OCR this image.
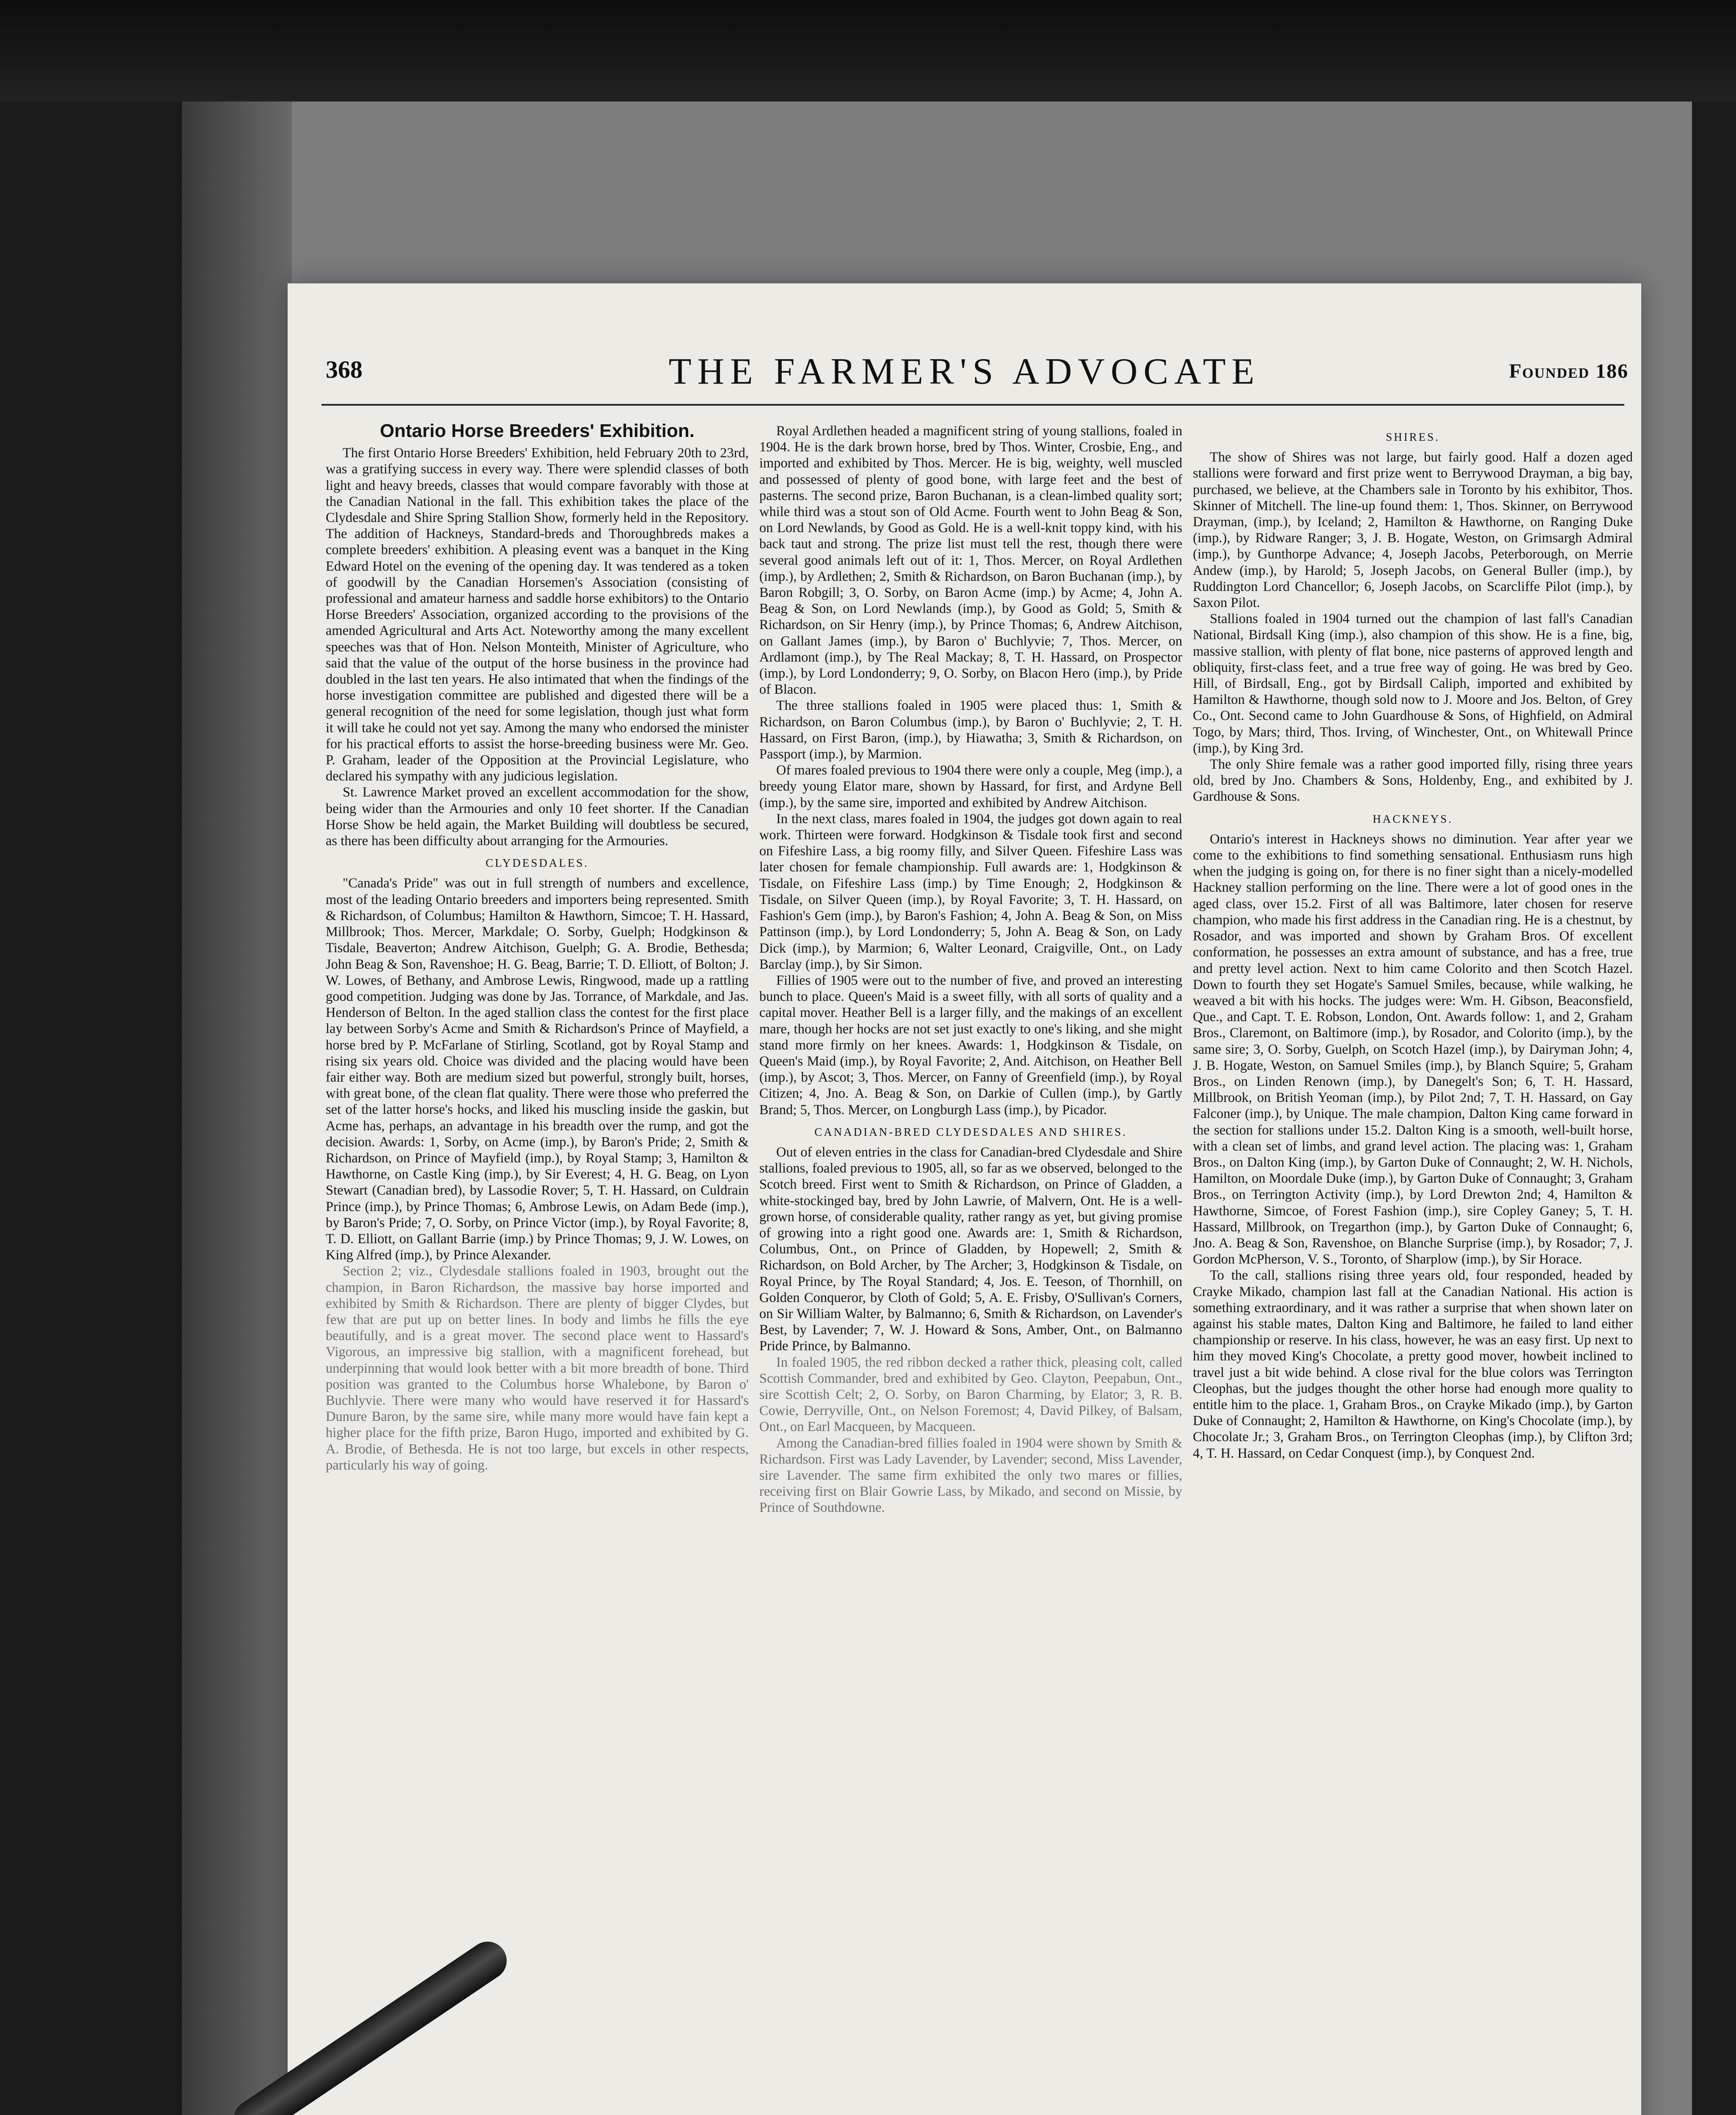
368	THE FARMER'S ADVOCATE	Founded 186
Ontario Horse Breeders' Exhibition.

The first Ontario Horse Breeders' Exhibition, held February 20th to 23rd, was a gratifying success in every way. There were splendid classes of both light and heavy breeds, classes that would compare favorably with those at the Canadian National in the fall. This exhibition takes the place of the Clydesdale and Shire Spring Stallion Show, formerly held in the Repository. The addition of Hackneys, Standard-breds and Thoroughbreds makes a complete breeders' exhibition. A pleasing event was a banquet in the King Edward Hotel on the evening of the opening day. It was tendered as a token of goodwill by the Canadian Horsemen's Association (consisting of professional and amateur harness and saddle horse exhibitors) to the Ontario Horse Breeders' Association, organized according to the provisions of the amended Agricultural and Arts Act. Noteworthy among the many excellent speeches was that of Hon. Nelson Monteith, Minister of Agriculture, who said that the value of the output of the horse business in the province had doubled in the last ten years. He also intimated that when the findings of the horse investigation committee are published and digested there will be a general recognition of the need for some legislation, though just what form it will take he could not yet say. Among the many who endorsed the minister for his practical efforts to assist the horse-breeding business were Mr. Geo. P. Graham, leader of the Opposition at the Provincial Legislature, who declared his sympathy with any judicious legislation.

St. Lawrence Market proved an excellent accommodation for the show, being wider than the Armouries and only 10 feet shorter. If the Canadian Horse Show be held again, the Market Building will doubtless be secured, as there has been difficulty about arranging for the Armouries.

CLYDESDALES.

"Canada's Pride" was out in full strength of numbers and excellence, most of the leading Ontario breeders and importers being represented. Smith & Richardson, of Columbus; Hamilton & Hawthorn, Simcoe; T. H. Hassard, Millbrook; Thos. Mercer, Markdale; O. Sorby, Guelph; Hodgkinson & Tisdale, Beaverton; Andrew Aitchison, Guelph; G. A. Brodie, Bethesda; John Beag & Son, Ravenshoe; H. G. Beag, Barrie; T. D. Elliott, of Bolton; J. W. Lowes, of Bethany, and Ambrose Lewis, Ringwood, made up a rattling good competition. Judging was done by Jas. Torrance, of Markdale, and Jas. Henderson of Belton. In the aged stallion class the contest for the first place lay between Sorby's Acme and Smith & Richardson's Prince of Mayfield, a horse bred by P. McFarlane of Stirling, Scotland, got by Royal Stamp and rising six years old. Choice was divided and the placing would have been fair either way. Both are medium sized but powerful, strongly built, horses, with great bone, of the clean flat quality. There were those who preferred the set of the latter horse's hocks, and liked his muscling inside the gaskin, but Acme has, perhaps, an advantage in his breadth over the rump, and got the decision. Awards: 1, Sorby, on Acme (imp.), by Baron's Pride; 2, Smith & Richardson, on Prince of Mayfield (imp.), by Royal Stamp; 3, Hamilton & Hawthorne, on Castle King (imp.), by Sir Everest; 4, H. G. Beag, on Lyon Stewart (Canadian bred), by Lassodie Rover; 5, T. H. Hassard, on Culdrain Prince (imp.), by Prince Thomas; 6, Ambrose Lewis, on Adam Bede (imp.), by Baron's Pride; 7, O. Sorby, on Prince Victor (imp.), by Royal Favorite; 8, T. D. Elliott, on Gallant Barrie (imp.) by Prince Thomas; 9, J. W. Lowes, on King Alfred (imp.), by Prince Alexander.

Section 2; viz., Clydesdale stallions foaled in 1903, brought out the champion, in Baron Richardson, the massive bay horse imported and exhibited by Smith & Richardson. There are plenty of bigger Clydes, but few that are put up on better lines. In body and limbs he fills the eye beautifully, and is a great mover. The second place went to Hassard's Vigorous, an impressive big stallion, with a magnificent forehead, but underpinning that would look better with a bit more breadth of bone. Third position was granted to the Columbus horse Whalebone, by Baron o' Buchlyvie. There were many who would have reserved it for Hassard's Dunure Baron, by the same sire, while many more would have fain kept a higher place for the fifth prize, Baron Hugo, imported and exhibited by G. A. Brodie, of Bethesda. He is not too large, but excels in other respects, particularly his way of going.

Royal Ardlethen headed a magnificent string of young stallions, foaled in 1904. He is the dark brown horse, bred by Thos. Winter, Crosbie, Eng., and imported and exhibited by Thos. Mercer. He is big, weighty, well muscled and possessed of plenty of good bone, with large feet and the best of pasterns. The second prize, Baron Buchanan, is a clean-limbed quality sort; while third was a stout son of Old Acme. Fourth went to John Beag & Son, on Lord Newlands, by Good as Gold. He is a well-knit toppy kind, with his back taut and strong. The prize list must tell the rest, though there were several good animals left out of it: 1, Thos. Mercer, on Royal Ardlethen (imp.), by Ardlethen; 2, Smith & Richardson, on Baron Buchanan (imp.), by Baron Robgill; 3, O. Sorby, on Baron Acme (imp.) by Acme; 4, John A. Beag & Son, on Lord Newlands (imp.), by Good as Gold; 5, Smith & Richardson, on Sir Henry (imp.), by Prince Thomas; 6, Andrew Aitchison, on Gallant James (imp.), by Baron o' Buchlyvie; 7, Thos. Mercer, on Ardlamont (imp.), by The Real Mackay; 8, T. H. Hassard, on Prospector (imp.), by Lord Londonderry; 9, O. Sorby, on Blacon Hero (imp.), by Pride of Blacon.

The three stallions foaled in 1905 were placed thus: 1, Smith & Richardson, on Baron Columbus (imp.), by Baron o' Buchlyvie; 2, T. H. Hassard, on First Baron, (imp.), by Hiawatha; 3, Smith & Richardson, on Passport (imp.), by Marmion.

Of mares foaled previous to 1904 there were only a couple, Meg (imp.), a breedy young Elator mare, shown by Hassard, for first, and Ardyne Bell (imp.), by the same sire, imported and exhibited by Andrew Aitchison.

In the next class, mares foaled in 1904, the judges got down again to real work. Thirteen were forward. Hodgkinson & Tisdale took first and second on Fifeshire Lass, a big roomy filly, and Silver Queen. Fifeshire Lass was later chosen for female championship. Full awards are: 1, Hodgkinson & Tisdale, on Fifeshire Lass (imp.) by Time Enough; 2, Hodgkinson & Tisdale, on Silver Queen (imp.), by Royal Favorite; 3, T. H. Hassard, on Fashion's Gem (imp.), by Baron's Fashion; 4, John A. Beag & Son, on Miss Pattinson (imp.), by Lord Londonderry; 5, John A. Beag & Son, on Lady Dick (imp.), by Marmion; 6, Walter Leonard, Craigville, Ont., on Lady Barclay (imp.), by Sir Simon.

Fillies of 1905 were out to the number of five, and proved an interesting bunch to place. Queen's Maid is a sweet filly, with all sorts of quality and a capital mover. Heather Bell is a larger filly, and the makings of an excellent mare, though her hocks are not set just exactly to one's liking, and she might stand more firmly on her knees. Awards: 1, Hodgkinson & Tisdale, on Queen's Maid (imp.), by Royal Favorite; 2, And. Aitchison, on Heather Bell (imp.), by Ascot; 3, Thos. Mercer, on Fanny of Greenfield (imp.), by Royal Citizen; 4, Jno. A. Beag & Son, on Darkie of Cullen (imp.), by Gartly Brand; 5, Thos. Mercer, on Longburgh Lass (imp.), by Picador.

CANADIAN-BRED CLYDESDALES AND SHIRES.

Out of eleven entries in the class for Canadian-bred Clydesdale and Shire stallions, foaled previous to 1905, all, so far as we observed, belonged to the Scotch breed. First went to Smith & Richardson, on Prince of Gladden, a white-stockinged bay, bred by John Lawrie, of Malvern, Ont. He is a well-grown horse, of considerable quality, rather rangy as yet, but giving promise of growing into a right good one. Awards are: 1, Smith & Richardson, Columbus, Ont., on Prince of Gladden, by Hopewell; 2, Smith & Richardson, on Bold Archer, by The Archer; 3, Hodgkinson & Tisdale, on Royal Prince, by The Royal Standard; 4, Jos. E. Teeson, of Thornhill, on Golden Conqueror, by Cloth of Gold; 5, A. E. Frisby, O'Sullivan's Corners, on Sir William Walter, by Balmanno; 6, Smith & Richardson, on Lavender's Best, by Lavender; 7, W. J. Howard & Sons, Amber, Ont., on Balmanno Pride Prince, by Balmanno.

In foaled 1905, the red ribbon decked a rather thick, pleasing colt, called Scottish Commander, bred and exhibited by Geo. Clayton, Peepabun, Ont., sire Scottish Celt; 2, O. Sorby, on Baron Charming, by Elator; 3, R. B. Cowie, Derryville, Ont., on Nelson Foremost; 4, David Pilkey, of Balsam, Ont., on Earl Macqueen, by Macqueen.

Among the Canadian-bred fillies foaled in 1904 were shown by Smith & Richardson. First was Lady Lavender, by Lavender; second, Miss Lavender, sire Lavender. The same firm exhibited the only two mares or fillies, receiving first on Blair Gowrie Lass, by Mikado, and second on Missie, by Prince of Southdowne.

SHIRES.

The show of Shires was not large, but fairly good. Half a dozen aged stallions were forward and first prize went to Berrywood Drayman, a big bay, purchased, we believe, at the Chambers sale in Toronto by his exhibitor, Thos. Skinner of Mitchell. The line-up found them: 1, Thos. Skinner, on Berrywood Drayman, (imp.), by Iceland; 2, Hamilton & Hawthorne, on Ranging Duke (imp.), by Ridware Ranger; 3, J. B. Hogate, Weston, on Grimsargh Admiral (imp.), by Gunthorpe Advance; 4, Joseph Jacobs, Peterborough, on Merrie Andew (imp.), by Harold; 5, Joseph Jacobs, on General Buller (imp.), by Ruddington Lord Chancellor; 6, Joseph Jacobs, on Scarcliffe Pilot (imp.), by Saxon Pilot.

Stallions foaled in 1904 turned out the champion of last fall's Canadian National, Birdsall King (imp.), also champion of this show. He is a fine, big, massive stallion, with plenty of flat bone, nice pasterns of approved length and obliquity, first-class feet, and a true free way of going. He was bred by Geo. Hill, of Birdsall, Eng., got by Birdsall Caliph, imported and exhibited by Hamilton & Hawthorne, though sold now to J. Moore and Jos. Belton, of Grey Co., Ont. Second came to John Guardhouse & Sons, of Highfield, on Admiral Togo, by Mars; third, Thos. Irving, of Winchester, Ont., on Whitewall Prince (imp.), by King 3rd.

The only Shire female was a rather good imported filly, rising three years old, bred by Jno. Chambers & Sons, Holdenby, Eng., and exhibited by J. Gardhouse & Sons.

HACKNEYS.

Ontario's interest in Hackneys shows no diminution. Year after year we come to the exhibitions to find something sensational. Enthusiasm runs high when the judging is going on, for there is no finer sight than a nicely-modelled Hackney stallion performing on the line. There were a lot of good ones in the aged class, over 15.2. First of all was Baltimore, later chosen for reserve champion, who made his first address in the Canadian ring. He is a chestnut, by Rosador, and was imported and shown by Graham Bros. Of excellent conformation, he possesses an extra amount of substance, and has a free, true and pretty level action. Next to him came Colorito and then Scotch Hazel. Down to fourth they set Hogate's Samuel Smiles, because, while walking, he weaved a bit with his hocks. The judges were: Wm. H. Gibson, Beaconsfield, Que., and Capt. T. E. Robson, London, Ont. Awards follow: 1, and 2, Graham Bros., Claremont, on Baltimore (imp.), by Rosador, and Colorito (imp.), by the same sire; 3, O. Sorby, Guelph, on Scotch Hazel (imp.), by Dairyman John; 4, J. B. Hogate, Weston, on Samuel Smiles (imp.), by Blanch Squire; 5, Graham Bros., on Linden Renown (imp.), by Danegelt's Son; 6, T. H. Hassard, Millbrook, on British Yeoman (imp.), by Pilot 2nd; 7, T. H. Hassard, on Gay Falconer (imp.), by Unique. The male champion, Dalton King came forward in the section for stallions under 15.2. Dalton King is a smooth, well-built horse, with a clean set of limbs, and grand level action. The placing was: 1, Graham Bros., on Dalton King (imp.), by Garton Duke of Connaught; 2, W. H. Nichols, Hamilton, on Moordale Duke (imp.), by Garton Duke of Connaught; 3, Graham Bros., on Terrington Activity (imp.), by Lord Drewton 2nd; 4, Hamilton & Hawthorne, Simcoe, of Forest Fashion (imp.), sire Copley Ganey; 5, T. H. Hassard, Millbrook, on Tregarthon (imp.), by Garton Duke of Connaught; 6, Jno. A. Beag & Son, Ravenshoe, on Blanche Surprise (imp.), by Rosador; 7, J. Gordon McPherson, V. S., Toronto, of Sharplow (imp.), by Sir Horace.

To the call, stallions rising three years old, four responded, headed by Crayke Mikado, champion last fall at the Canadian National. His action is something extraordinary, and it was rather a surprise that when shown later on against his stable mates, Dalton King and Baltimore, he failed to land either championship or reserve. In his class, however, he was an easy first. Up next to him they moved King's Chocolate, a pretty good mover, howbeit inclined to travel just a bit wide behind. A close rival for the blue colors was Terrington Cleophas, but the judges thought the other horse had enough more quality to entitle him to the place. 1, Graham Bros., on Crayke Mikado (imp.), by Garton Duke of Connaught; 2, Hamilton & Hawthorne, on King's Chocolate (imp.), by Chocolate Jr.; 3, Graham Bros., on Terrington Cleophas (imp.), by Clifton 3rd; 4, T. H. Hassard, on Cedar Conquest (imp.), by Conquest 2nd.
